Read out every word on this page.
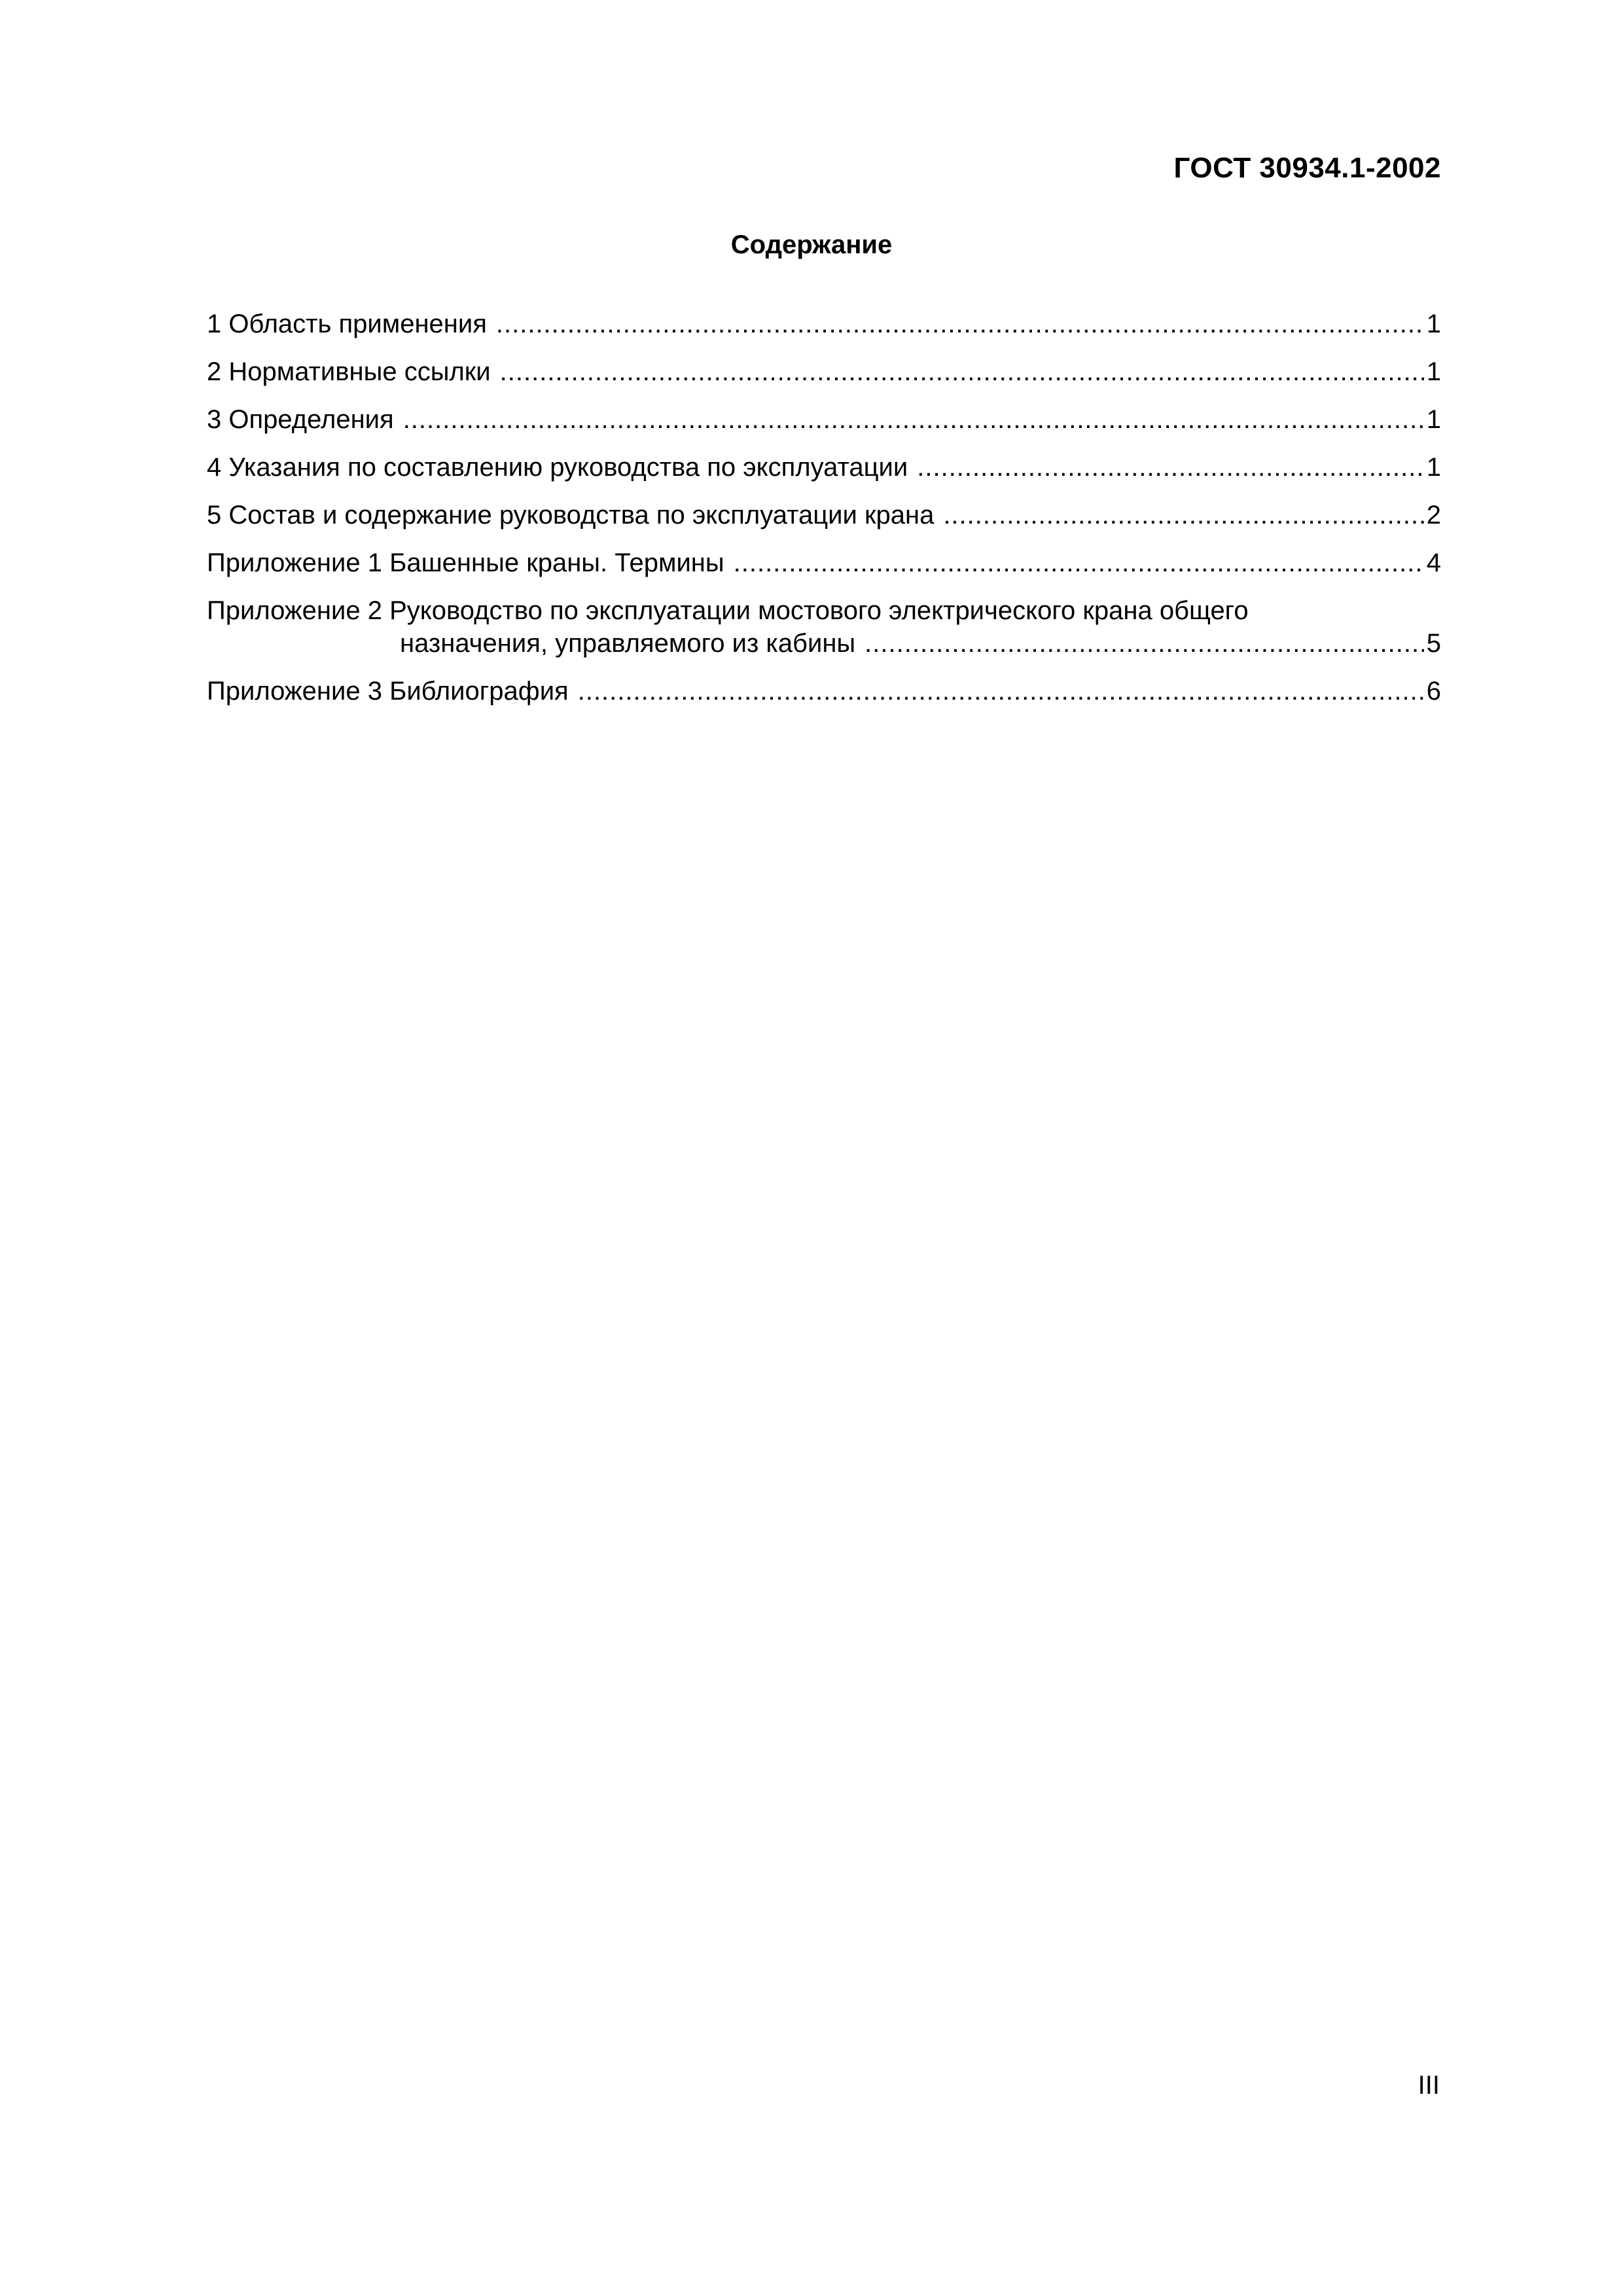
ГОСТ 30934.1-2002
Содержание
1 Область применения .....	1
2 Нормативные ссылки .....	1
3 Определения .....	1
4 Указания по составлению руководства по эксплуатации .....	1
5 Состав и содержание руководства по эксплуатации крана .....	2
Приложение 1 Башенные краны. Термины .....	4
Приложение 2 Руководство по эксплуатации мостового электрического крана общего
назначения, управляемого из кабины .....	5
Приложение 3 Библиография .....	6

III
